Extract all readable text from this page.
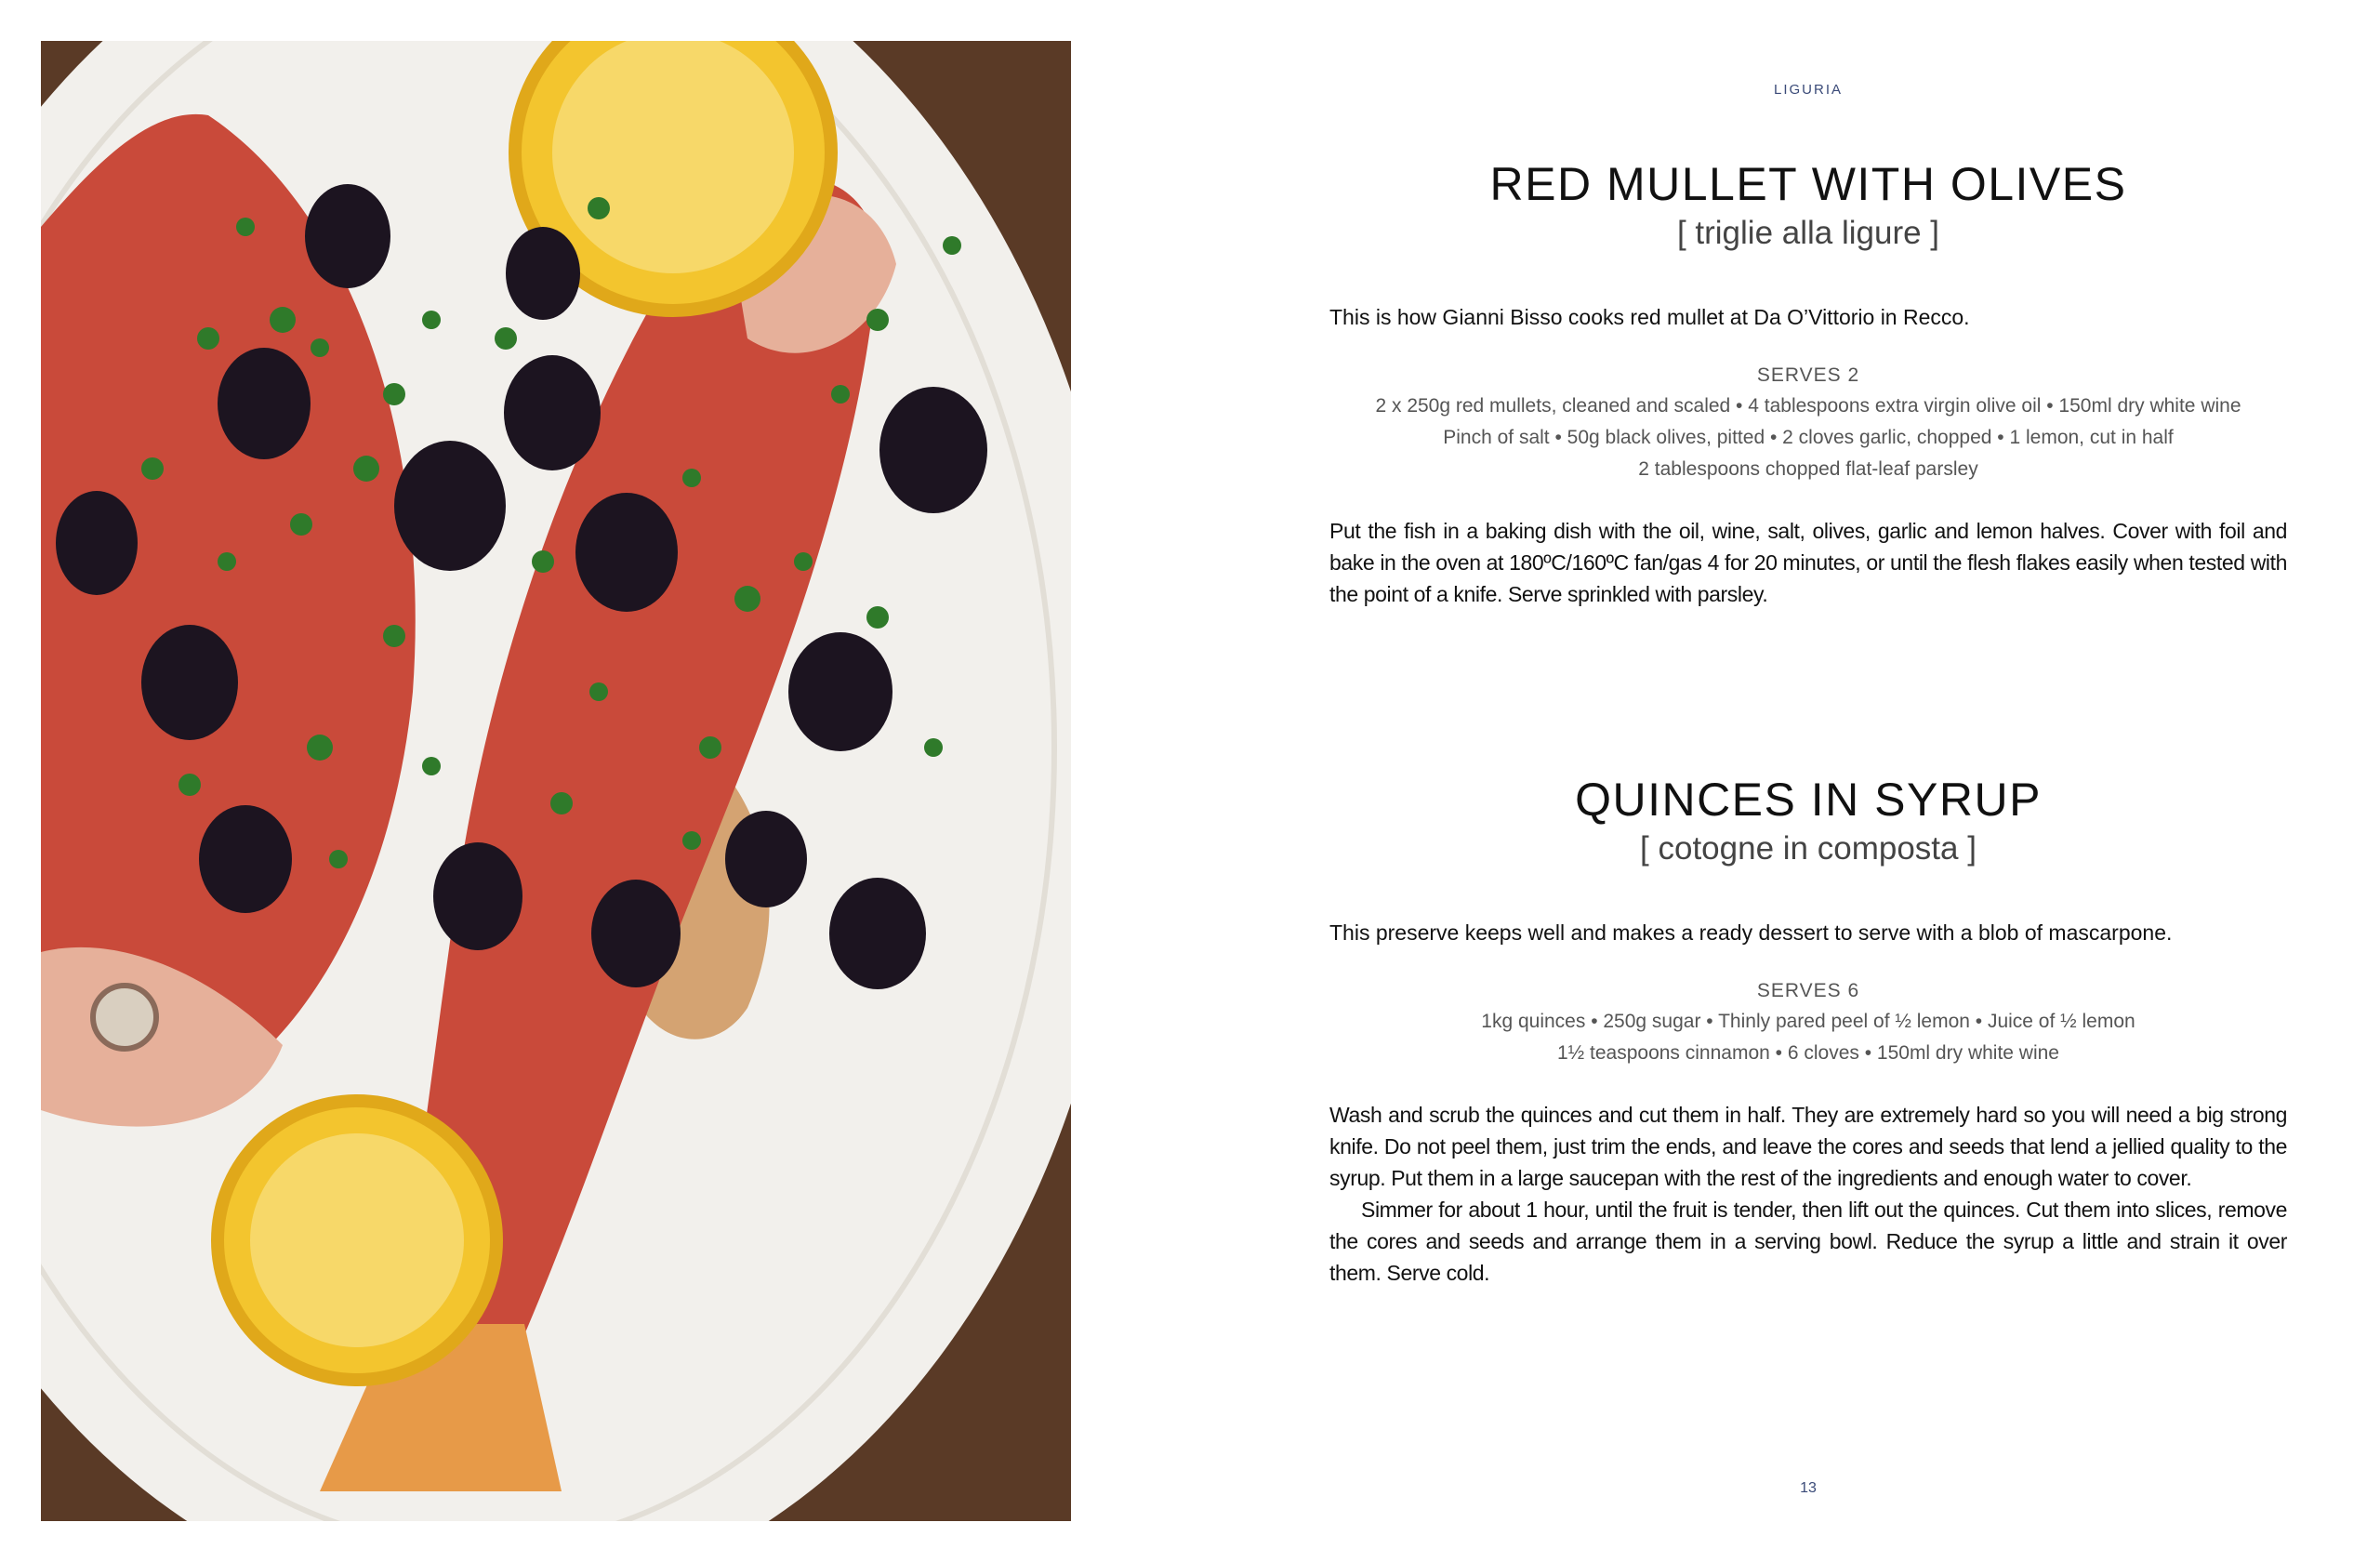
LIGURIA
RED MULLET WITH OLIVES

[ triglie alla ligure ]

This is how Gianni Bisso cooks red mullet at Da O’Vittorio in Recco.

SERVES 2

2 x 250g red mullets, cleaned and scaled • 4 tablespoons extra virgin olive oil • 150ml dry white wine

Pinch of salt • 50g black olives, pitted • 2 cloves garlic, chopped • 1 lemon, cut in half

2 tablespoons chopped flat-leaf parsley

Put the fish in a baking dish with the oil, wine, salt, olives, garlic and lemon halves. Cover with foil and bake in the oven at 180ºC/160ºC fan/gas 4 for 20 minutes, or until the flesh flakes easily when tested with the point of a knife. Serve sprinkled with parsley.

QUINCES IN SYRUP

[ cotogne in composta ]

This preserve keeps well and makes a ready dessert to serve with a blob of mascarpone.

SERVES 6

1kg quinces • 250g sugar • Thinly pared peel of ½ lemon • Juice of ½ lemon

1½ teaspoons cinnamon • 6 cloves • 150ml dry white wine

Wash and scrub the quinces and cut them in half. They are extremely hard so you will need a big strong knife. Do not peel them, just trim the ends, and leave the cores and seeds that lend a jellied quality to the syrup. Put them in a large saucepan with the rest of the ingredients and enough water to cover.

Simmer for about 1 hour, until the fruit is tender, then lift out the quinces. Cut them into slices, remove the cores and seeds and arrange them in a serving bowl. Reduce the syrup a little and strain it over them. Serve cold.

13
